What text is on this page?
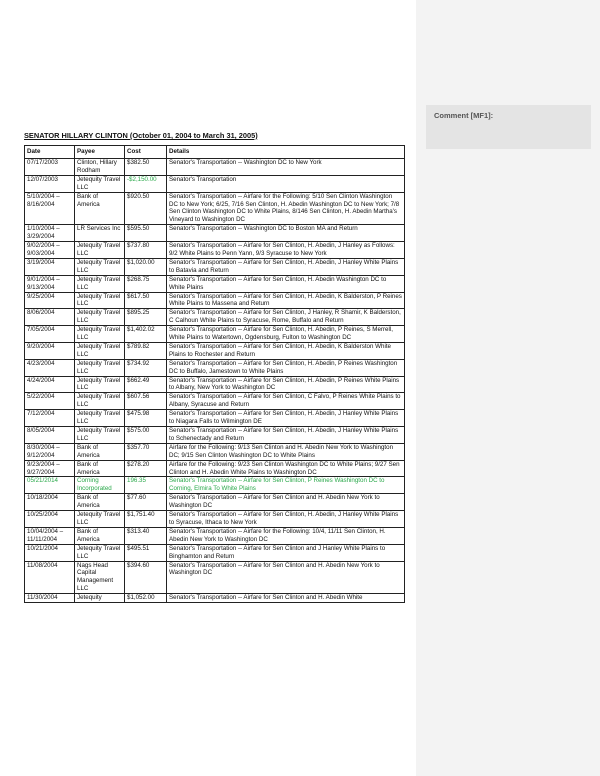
Comment [MF1]:
SENATOR HILLARY CLINTON (October 01, 2004 to March 31, 2005)
Date	Payee	Cost	Details
07/17/2003	Clinton, Hillary Rodham	$382.50	Senator's Transportation -- Washington DC to New York
12/07/2003	Jetequity Travel LLC	-$2,150.00	Senator's Transportation
5/10/2004 – 8/16/2004	Bank of America	$920.50	Senator's Transportation -- Airfare for the Following: 5/10 Sen Clinton Washington DC to New York; 6/25, 7/16 Sen Clinton, H. Abedin Washington DC to New York; 7/8 Sen Clinton Washington DC to White Plains, 8/146 Sen Clinton, H. Abedin Martha's Vineyard to Washington DC
1/10/2004 – 3/29/2004	LR Services Inc	$595.50	Senator's Transportation -- Washington DC to Boston MA and Return
9/02/2004 – 9/03/2004	Jetequity Travel LLC	$737.80	Senator's Transportation -- Airfare for Sen Clinton, H. Abedin, J Hanley as Follows: 9/2 White Plains to Penn Yann, 9/3 Syracuse to New York
3/19/2004	Jetequity Travel LLC	$1,020.00	Senator's Transportation -- Airfare for Sen Clinton, H. Abedin, J Hanley White Plains to Batavia and Return
9/01/2004 – 9/13/2004	Jetequity Travel LLC	$268.75	Senator's Transportation -- Airfare for Sen Clinton, H. Abedin Washington DC to White Plains
9/25/2004	Jetequity Travel LLC	$617.50	Senator's Transportation -- Airfare for Sen Clinton, H. Abedin, K Balderston, P Reines White Plains to Massena and Return
8/06/2004	Jetequity Travel LLC	$895.25	Senator's Transportation -- Airfare for Sen Clinton, J Hanley, R Shamir, K Balderston, C Calhoun White Plains to Syracuse, Rome, Buffalo and Return
7/05/2004	Jetequity Travel LLC	$1,402.02	Senator's Transportation -- Airfare for Sen Clinton, H. Abedin, P Reines, S Merrell, White Plains to Watertown, Ogdensburg, Fulton to Washington DC
9/20/2004	Jetequity Travel LLC	$789.82	Senator's Transportation -- Airfare for Sen Clinton, H. Abedin, K Balderston White Plains to Rochester and Return
4/23/2004	Jetequity Travel LLC	$734.92	Senator's Transportation -- Airfare for Sen Clinton, H. Abedin, P Reines Washington DC to Buffalo, Jamestown to White Plains
4/24/2004	Jetequity Travel LLC	$662.49	Senator's Transportation -- Airfare for Sen Clinton, H. Abedin, P Reines White Plains to Albany, New York to Washington DC
5/22/2004	Jetequity Travel LLC	$607.56	Senator's Transportation -- Airfare for Sen Clinton, C Falvo, P Reines White Plains to Albany, Syracuse and Return
7/12/2004	Jetequity Travel LLC	$475.98	Senator's Transportation -- Airfare for Sen Clinton, H. Abedin, J Hanley White Plains to Niagara Falls to Wilmington DE
8/05/2004	Jetequity Travel LLC	$575.00	Senator's Transportation -- Airfare for Sen Clinton, H. Abedin, J Hanley White Plains to Schenectady and Return
8/30/2004 – 9/12/2004	Bank of America	$357.70	Airfare for the Following: 9/13 Sen Clinton and H. Abedin New York to Washington DC; 9/15 Sen Clinton Washington DC to White Plains
9/23/2004 – 9/27/2004	Bank of America	$278.20	Airfare for the Following: 9/23 Sen Clinton Washington DC to White Plains; 9/27 Sen Clinton and H. Abedin White Plains to Washington DC
05/21/2014	Corning Incorporated	196.35	Senator's Transportation -- Airfare for Sen Clinton, P Reines Washington DC to Corning, Elmira To White Plains
10/18/2004	Bank of America	$77.60	Senator's Transportation -- Airfare for Sen Clinton and H. Abedin New York to Washington DC
10/25/2004	Jetequity Travel LLC	$1,751.40	Senator's Transportation -- Airfare for Sen Clinton, H. Abedin, J Hanley White Plains to Syracuse, Ithaca to New York
10/04/2004 – 11/11/2004	Bank of America	$313.40	Senator's Transportation -- Airfare for the Following: 10/4, 11/11 Sen Clinton, H. Abedin New York to Washington DC
10/21/2004	Jetequity Travel LLC	$495.51	Senator's Transportation -- Airfare for Sen Clinton and J Hanley White Plains to Binghamton and Return
11/08/2004	Nags Head Capital Management LLC	$394.60	Senator's Transportation -- Airfare for Sen Clinton and H. Abedin New York to Washington DC
11/30/2004	Jetequity	$1,052.00	Senator's Transportation -- Airfare for Sen Clinton and H. Abedin White
